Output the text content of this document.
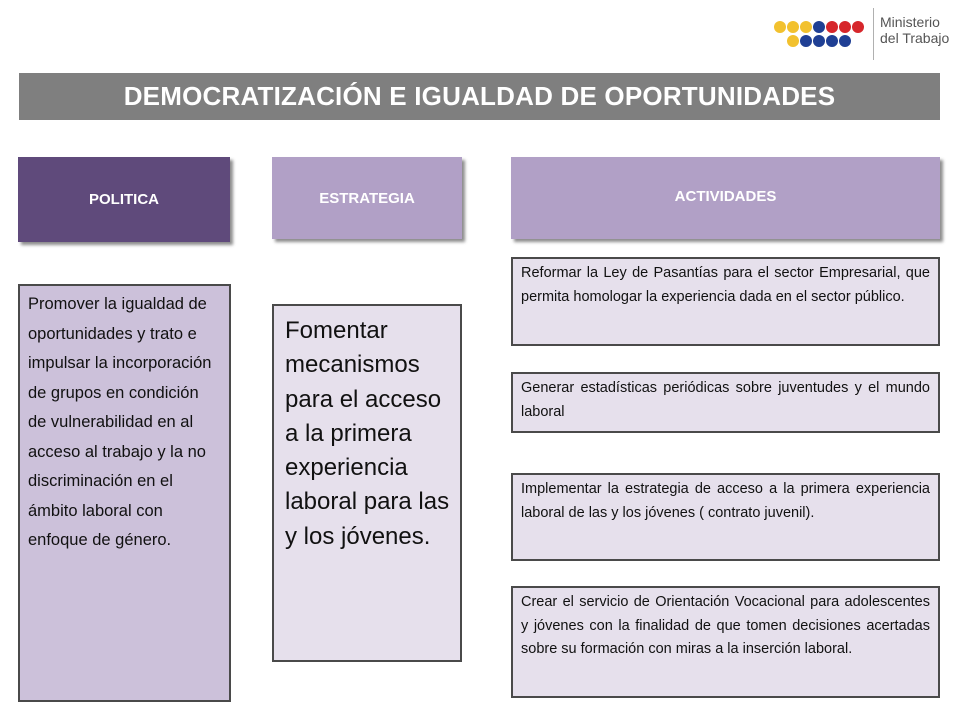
Ministerio
del Trabajo
DEMOCRATIZACIÓN E IGUALDAD DE OPORTUNIDADES
POLITICA	ESTRATEGIA	ACTIVIDADES
Promover la igualdad de oportunidades y trato e impulsar la incorporación de grupos en condición de vulnerabilidad en al acceso al trabajo y la no discriminación en el ámbito laboral con enfoque de género.
Fomentar mecanismos para el acceso a la primera experiencia laboral para las y los jóvenes.
Reformar la Ley de Pasantías para el sector Empresarial, que permita homologar la experiencia dada en el sector público.
Generar estadísticas periódicas sobre juventudes y el mundo laboral
Implementar la estrategia de acceso a la primera experiencia laboral de las y los jóvenes ( contrato juvenil).
Crear el servicio de Orientación Vocacional para adolescentes y jóvenes con la finalidad de que tomen decisiones acertadas sobre su formación con miras a la inserción laboral.
